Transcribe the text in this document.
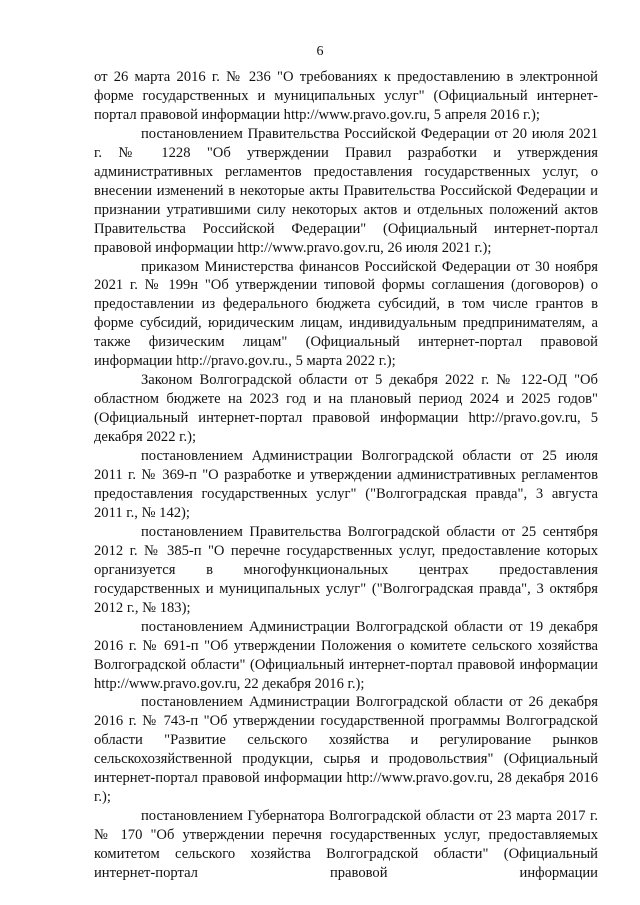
6

от 26 марта 2016 г. № 236 "О требованиях к предоставлению в электронной форме государственных и муниципальных услуг" (Официальный интернет-портал правовой информации http://www.pravo.gov.ru, 5 апреля 2016 г.);

постановлением Правительства Российской Федерации от 20 июля 2021 г. № 1228 "Об утверждении Правил разработки и утверждения административных регламентов предоставления государственных услуг, о внесении изменений в некоторые акты Правительства Российской Федерации и признании утратившими силу некоторых актов и отдельных положений актов Правительства Российской Федерации" (Официальный интернет-портал правовой информации http://www.pravo.gov.ru, 26 июля 2021 г.);

приказом Министерства финансов Российской Федерации от 30 ноября 2021 г. № 199н "Об утверждении типовой формы соглашения (договоров) о предоставлении из федерального бюджета субсидий, в том числе грантов в форме субсидий, юридическим лицам, индивидуальным предпринимателям, а также физическим лицам" (Официальный интернет-портал правовой информации http://pravo.gov.ru., 5 марта 2022 г.);

Законом Волгоградской области от 5 декабря 2022 г. № 122-ОД "Об областном бюджете на 2023 год и на плановый период 2024 и 2025 годов" (Официальный интернет-портал правовой информации http://pravo.gov.ru, 5 декабря 2022 г.);

постановлением Администрации Волгоградской области от 25 июля 2011 г. № 369-п "О разработке и утверждении административных регламентов предоставления государственных услуг" ("Волгоградская правда", 3 августа 2011 г., № 142);

постановлением Правительства Волгоградской области от 25 сентября 2012 г. № 385-п "О перечне государственных услуг, предоставление которых организуется в многофункциональных центрах предоставления государственных и муниципальных услуг" ("Волгоградская правда", 3 октября 2012 г., № 183);

постановлением Администрации Волгоградской области от 19 декабря 2016 г. № 691-п "Об утверждении Положения о комитете сельского хозяйства Волгоградской области" (Официальный интернет-портал правовой информации http://www.pravo.gov.ru, 22 декабря 2016 г.);

постановлением Администрации Волгоградской области от 26 декабря 2016 г. № 743-п "Об утверждении государственной программы Волгоградской области "Развитие сельского хозяйства и регулирование рынков сельскохозяйственной продукции, сырья и продовольствия" (Официальный интернет-портал правовой информации http://www.pravo.gov.ru, 28 декабря 2016 г.);

постановлением Губернатора Волгоградской области от 23 марта 2017 г. № 170 "Об утверждении перечня государственных услуг, предоставляемых комитетом сельского хозяйства Волгоградской области" (Официальный интернет-портал правовой информации
